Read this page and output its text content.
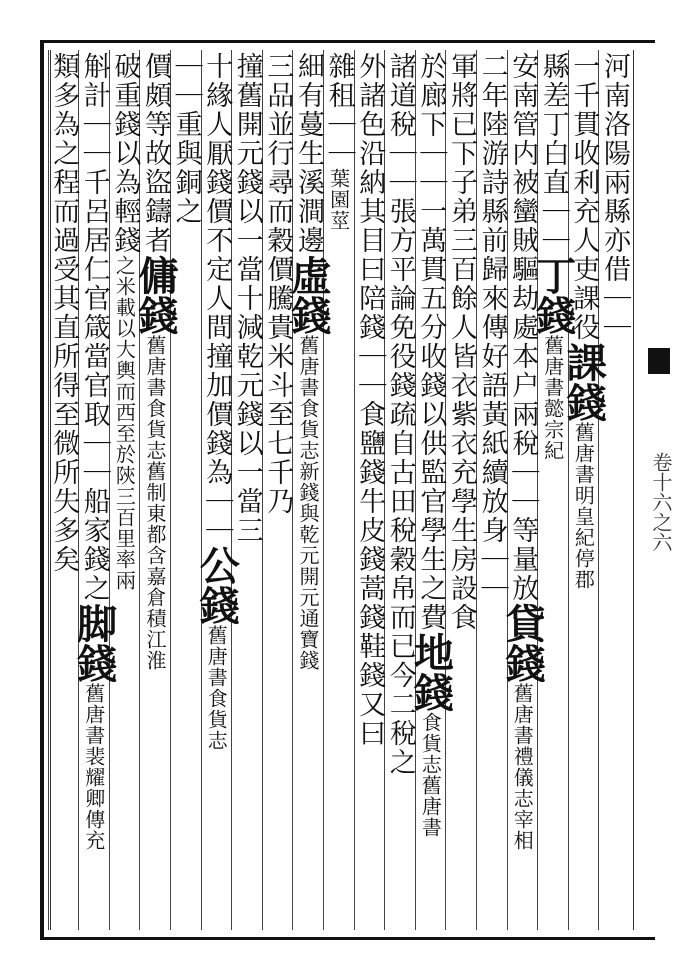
河南洛陽兩縣亦借｜｜
一千貫收利充人吏課役課錢舊唐書明皇紀停郡
縣差丁白直｜｜丁錢舊唐書懿宗紀
安南管内被蠻賊驅劫處本户兩稅｜｜等量放貸錢舊唐書禮儀志宰相
二年陸游詩縣前歸來傳好語黃紙續放身｜｜
軍將已下子弟三百餘人皆衣紫衣充學生房設食
於廊下｜｜一萬貫五分收錢以供監官學生之費地錢食貨志舊唐書
諸道稅｜｜張方平論免役錢疏自古田稅穀帛而已今二稅之
外諸色沿納其目曰陪錢｜｜食鹽錢牛皮錢蒿錢鞋錢又曰
雜租｜｜葉園莖
細有蔓生溪澗邊虛錢舊唐書食貨志新錢與乾元開元通寶錢
三品並行尋而穀價騰貴米斗至七千乃
撞舊開元錢以一當十減乾元錢以一當三
十緣人厭錢價不定人間撞加價錢為｜｜公錢舊唐書食貨志
｜｜重與銅之
價頗等故盜鑄者傭錢舊唐書食貨志舊制東都含嘉倉積江淮
破重錢以為輕錢之米載以大輿而西至於陝三百里率兩
斛計｜｜千呂居仁官箴當官取｜｜船家錢之脚錢舊唐書裴耀卿傳充
類多為之程而過受其直所得至微所失多矣	卷十六之六
